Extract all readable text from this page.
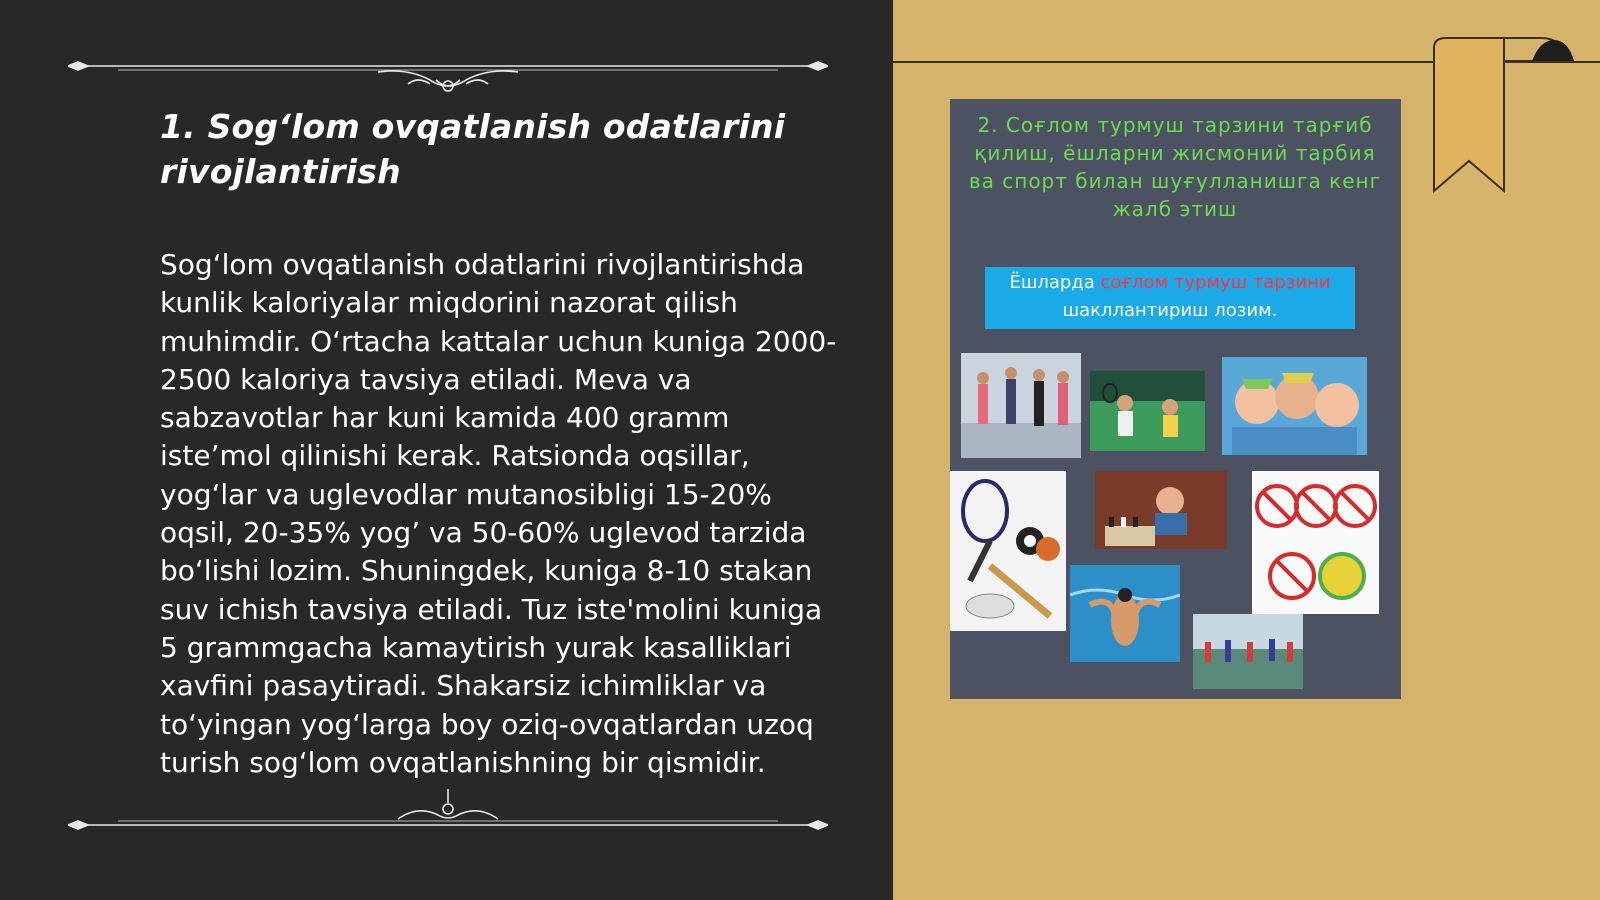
1. Sog‘lom ovqatlanish odatlarini rivojlantirish

Sog‘lom ovqatlanish odatlarini rivojlantirishda kunlik kaloriyalar miqdorini nazorat qilish muhimdir. O‘rtacha kattalar uchun kuniga 2000-2500 kaloriya tavsiya etiladi. Meva va sabzavotlar har kuni kamida 400 gramm iste’mol qilinishi kerak. Ratsionda oqsillar, yog‘lar va uglevodlar mutanosibligi 15-20% oqsil, 20-35% yog’ va 50-60% uglevod tarzida bo‘lishi lozim. Shuningdek, kuniga 8-10 stakan suv ichish tavsiya etiladi. Tuz iste'molini kuniga 5 grammgacha kamaytirish yurak kasalliklari xavfini pasaytiradi. Shakarsiz ichimliklar va to‘yingan yog‘larga boy oziq-ovqatlardan uzoq turish sog‘lom ovqatlanishning bir qismidir.

2. Соғлом турмуш тарзини тарғиб қилиш, ёшларни жисмоний тарбия ва спорт билан шуғулланишга кенг жалб этиш
Ёшларда соғлом турмуш тарзини шакллантириш лозим.
